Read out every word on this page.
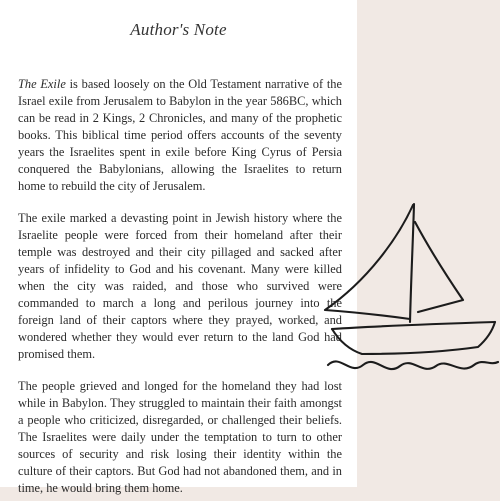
Author's Note

The Exile is based loosely on the Old Testament narrative of the Israel exile from Jerusalem to Babylon in the year 586BC, which can be read in 2 Kings, 2 Chronicles, and many of the prophetic books. This biblical time period offers accounts of the seventy years the Israelites spent in exile before King Cyrus of Persia conquered the Babylonians, allowing the Israelites to return home to rebuild the city of Jerusalem.

The exile marked a devasting point in Jewish history where the Israelite people were forced from their homeland after their temple was destroyed and their city pillaged and sacked after years of infidelity to God and his covenant. Many were killed when the city was raided, and those who survived were commanded to march a long and perilous journey into the foreign land of their captors where they prayed, worked, and wondered whether they would ever return to the land God had promised them.

The people grieved and longed for the homeland they had lost while in Babylon. They struggled to maintain their faith amongst a people who criticized, disregarded, or challenged their beliefs. The Israelites were daily under the temptation to turn to other sources of security and risk losing their identity within the culture of their captors. But God had not abandoned them, and in time, he would bring them home.
